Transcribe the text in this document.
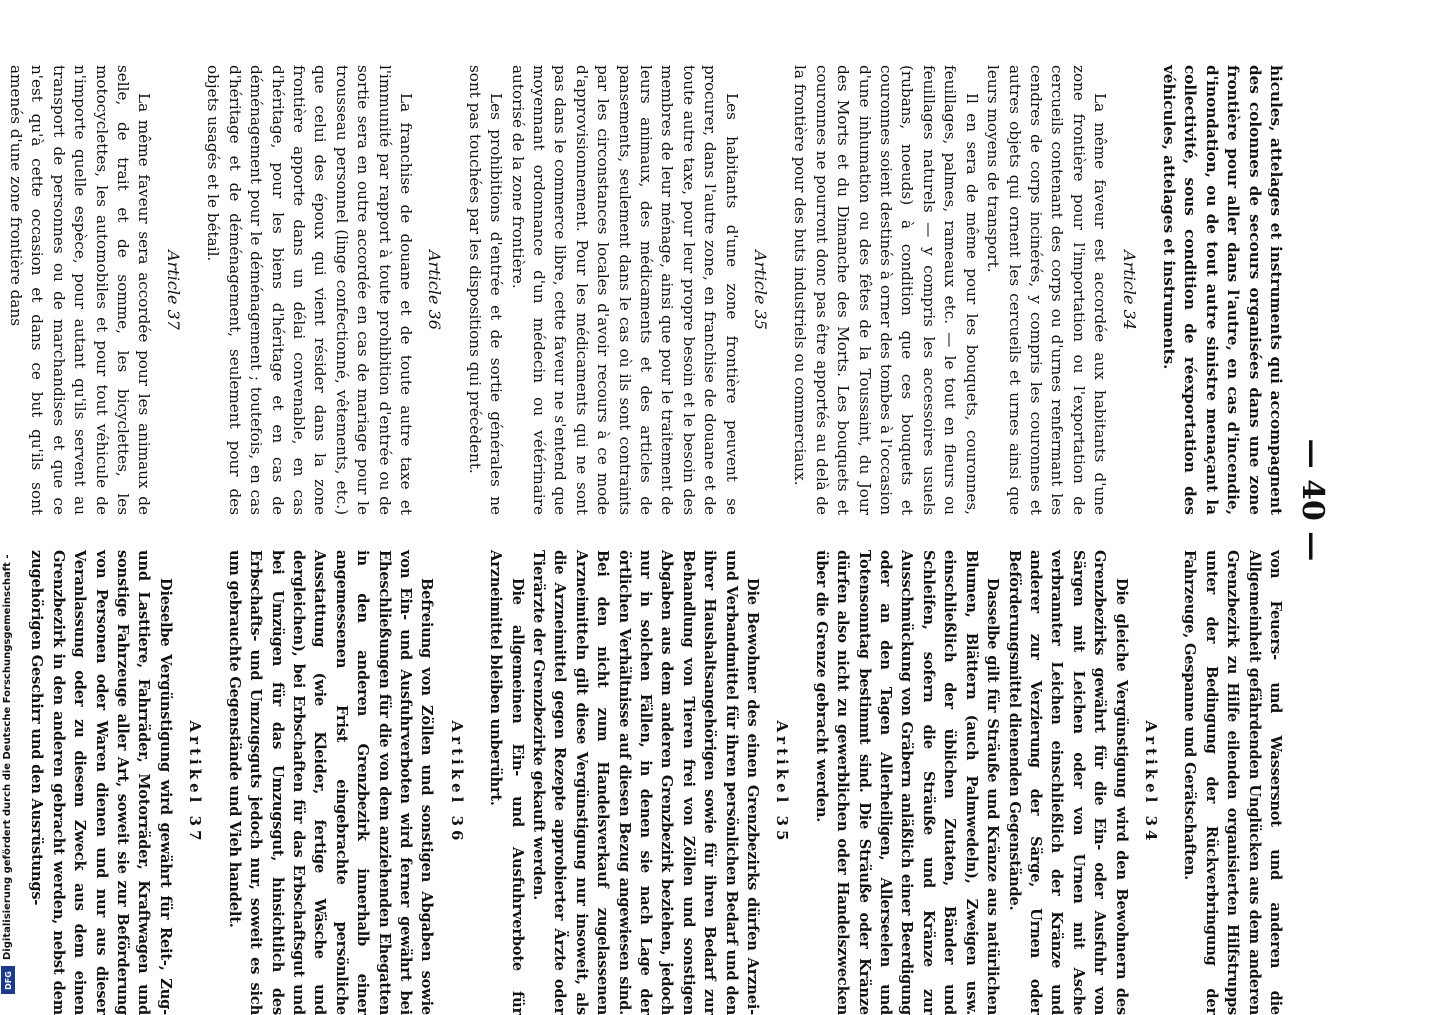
Digitalisierung gefördert durch die Deutsche Forschungsgemeinschaft -
DFG
— 40 —

hicules, attelages et instruments qui accompagnent des colonnes de secours organisées dans une zone frontière pour aller dans l'autre, en cas d'incendie, d'inondation, ou de tout autre sinistre menaçant la collectivité, sous condition de réexportation des véhicules, attelages et instruments.

Article 34

La même faveur est accordée aux habitants d'une zone frontière pour l'importation ou l'exportation de cercueils contenant des corps ou d'urnes renfermant les cendres de corps incinérés, y compris les couronnes et autres objets qui ornent les cercueils et urnes ainsi que leurs moyens de transport.

Il en sera de même pour les bouquets, couronnes, feuillages, palmes, rameaux etc. — le tout en fleurs ou feuillages naturels — y compris les accessoires usuels (rubans, noeuds) à condition que ces bouquets et couronnes soient destinés à orner des tombes à l'occasion d'une inhumation ou des fêtes de la Toussaint, du Jour des Morts et du Dimanche des Morts. Les bouquets et couronnes ne pourront donc pas être apportés au delà de la frontière pour des buts industriels ou commerciaux.

Article 35

Les habitants d'une zone frontière peuvent se procurer, dans l'autre zone, en franchise de douane et de toute autre taxe, pour leur propre besoin et le besoin des membres de leur ménage, ainsi que pour le traitement de leurs animaux, des médicaments et des articles de pansements, seulement dans le cas où ils sont contraints par les circonstances locales d'avoir recours à ce mode d'approvisionnement. Pour les médicaments qui ne sont pas dans le commerce libre, cette faveur ne s'entend que moyennant ordonnance d'un médecin ou vétérinaire autorisé de la zone frontière.

Les prohibitions d'entrée et de sortie générales ne sont pas touchées par les dispositions qui précèdent.

Article 36

La franchise de douane et de toute autre taxe et l'immunité par rapport à toute prohibition d'entrée ou de sortie sera en outre accordée en cas de mariage pour le trousseau personnel (linge confectionné, vêtements, etc.) que celui des époux qui vient résider dans la zone frontière apporte dans un délai convenable, en cas d'héritage, pour les biens d'héritage et en cas de déménagement pour le déménagement ; toutefois, en cas d'héritage et de déménagement, seulement pour des objets usagés et le bétail.

Article 37

La même faveur sera accordée pour les animaux de selle, de trait et de somme, les bicyclettes, les motocyclettes, les automobiles et pour tout véhicule de n'importe quelle espèce, pour autant qu'ils servent au transport de personnes ou de marchandises et que ce n'est qu'à cette occasion et dans ce but qu'ils sont amenés d'une zone frontière dans

von Feuers- und Wassersnot und anderen die Allgemeinheit gefährdenden Unglücken aus dem anderen Grenzbezirk zu Hilfe eilenden organisierten Hilfstrupps unter der Bedingung der Rückverbringung der Fahrzeuge, Gespanne und Gerätschaften.

Artikel 34

Die gleiche Vergünstigung wird den Bewohnern des Grenzbezirks gewährt für die Ein- oder Ausfuhr von Särgen mit Leichen oder von Urnen mit Asche verbrannter Leichen einschließlich der Kränze und anderer zur Verzierung der Särge, Urnen oder Beförderungsmittel dienenden Gegenstände.

Dasselbe gilt für Sträuße und Kränze aus natürlichen Blumen, Blättern (auch Palmwedeln), Zweigen usw. einschließlich der üblichen Zutaten, Bänder und Schleifen, sofern die Sträuße und Kränze zur Ausschmückung von Gräbern anläßlich einer Beerdigung oder an den Tagen Allerheiligen, Allerseelen und Totensonntag bestimmt sind. Die Sträuße oder Kränze dürfen also nicht zu gewerblichen oder Handelszwecken über die Grenze gebracht werden.

Artikel 35

Die Bewohner des einen Grenzbezirks dürfen Arznei- und Verbandmittel für ihren persönlichen Bedarf und den ihrer Haushaltsangehörigen sowie für ihren Bedarf zur Behandlung von Tieren frei von Zöllen und sonstigen Abgaben aus dem anderen Grenzbezirk beziehen, jedoch nur in solchen Fällen, in denen sie nach Lage der örtlichen Verhältnisse auf diesen Bezug angewiesen sind. Bei den nicht zum Handelsverkauf zugelassenen Arzneimitteln gilt diese Vergünstigung nur insoweit, als die Arzneimittel gegen Rezepte approbierter Ärzte oder Tierärzte der Grenzbezirke gekauft werden.

Die allgemeinen Ein- und Ausfuhrverbote für Arzneimittel bleiben unberührt.

Artikel 36

Befreiung von Zöllen und sonstigen Abgaben sowie von Ein- und Ausfuhrverboten wird ferner gewährt bei Eheschließungen für die von dem anziehenden Ehegatten in den anderen Grenzbezirk innerhalb einer angemessenen Frist eingebrachte persönliche Ausstattung (wie Kleider, fertige Wäsche und dergleichen), bei Erbschaften für das Erbschaftsgut und bei Umzügen für das Umzugsgut, hinsichtlich des Erbschafts- und Umzugsguts jedoch nur, soweit es sich um gebrauchte Gegenstände und Vieh handelt.

Artikel 37

Dieselbe Vergünstigung wird gewährt für Reit-, Zug- und Lasttiere, Fahrräder, Motorräder, Kraftwagen und sonstige Fahrzeuge aller Art, soweit sie zur Beförderung von Personen oder Waren dienen und nur aus dieser Veranlassung oder zu diesem Zweck aus dem einen Grenzbezirk in den anderen gebracht werden, nebst dem zugehörigen Geschirr und den Ausrüstungs-
